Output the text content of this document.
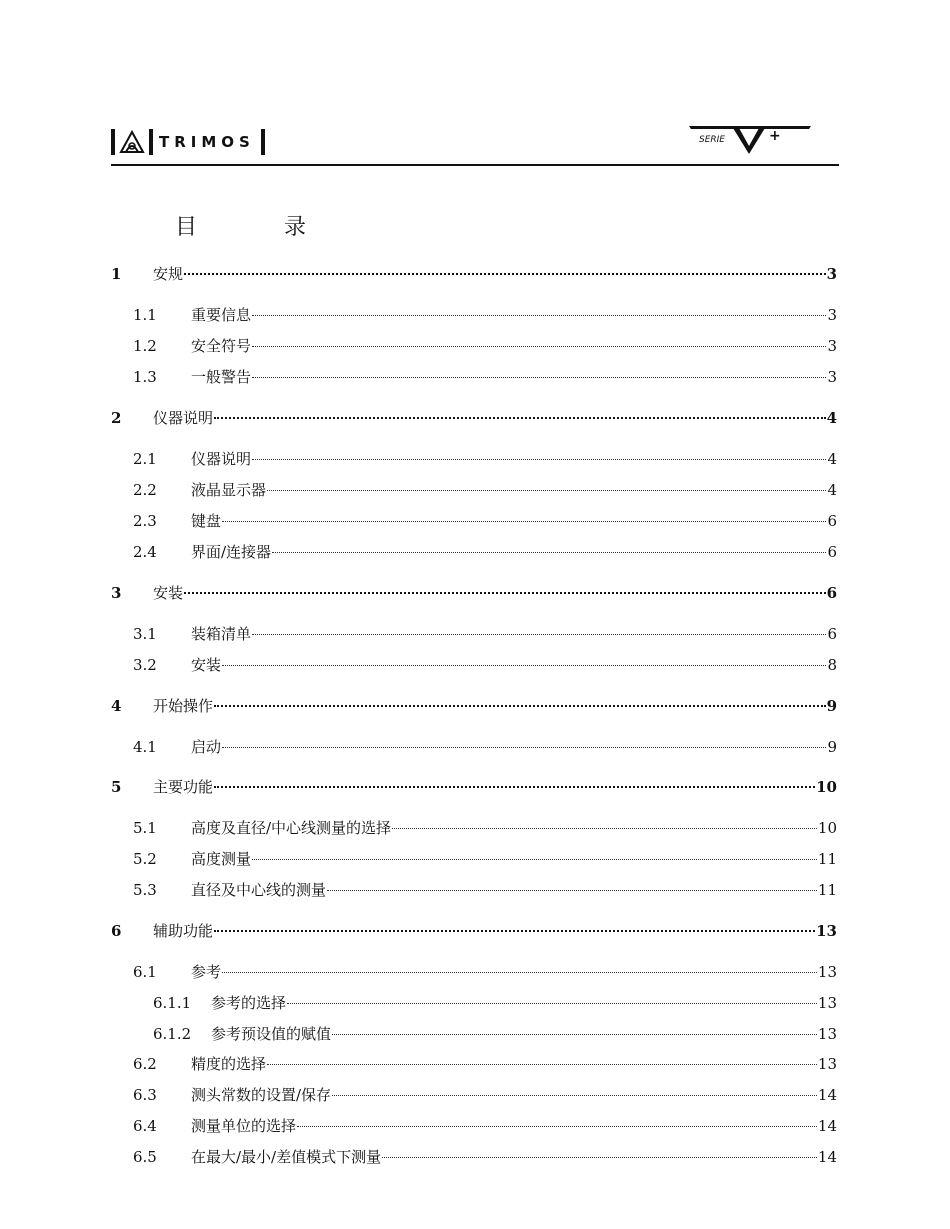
TRIMOS	SERIE	+
目 录
1	安规	3
1.1	重要信息	3
1.2	安全符号	3
1.3	一般警告	3
2	仪器说明	4
2.1	仪器说明	4
2.2	液晶显示器	4
2.3	键盘	6
2.4	界面/连接器	6
3	安装	6
3.1	装箱清单	6
3.2	安装	8
4	开始操作	9
4.1	启动	9
5	主要功能	10
5.1	高度及直径/中心线测量的选择	10
5.2	高度测量	11
5.3	直径及中心线的测量	11
6	辅助功能	13
6.1	参考	13
6.1.1	参考的选择	13
6.1.2	参考预设值的赋值	13
6.2	精度的选择	13
6.3	测头常数的设置/保存	14
6.4	测量单位的选择	14
6.5	在最大/最小/差值模式下测量	14
